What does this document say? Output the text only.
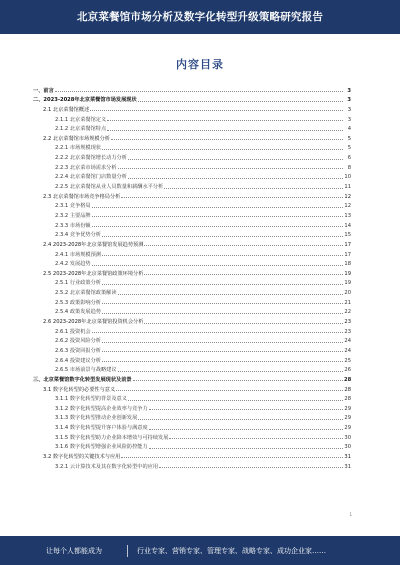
北京菜餐馆市场分析及数字化转型升级策略研究报告
内容目录
一、前言	3
二、2023-2028年北京菜餐馆市场发展现状	3
2.1 北京菜餐馆概述	3
2.1.1 北京菜餐馆定义	3
2.1.2 北京菜餐馆特点	4
2.2 北京菜餐馆市场规模分析	5
2.2.1 市场规模现状	5
2.2.2 北京菜餐馆增长动力分析	6
2.2.3 北京菜市场需求分析	8
2.2.4 北京菜餐馆门店数量分析	10
2.2.5 北京菜餐馆从业人员数量和薪酬水平分析	11
2.3 北京菜餐馆市场竞争格局分析	12
2.3.1 竞争格局	12
2.3.2 主要品牌	13
2.3.3 市场份额	14
2.3.4 竞争优势分析	15
2.4 2023-2028年北京菜餐馆发展趋势预测	17
2.4.1 市场规模预测	17
2.4.2 发展趋势	18
2.5 2023-2028年北京菜餐馆政策环境分析	19
2.5.1 行业政策分析	19
2.5.2 北京菜餐馆政策解读	20
2.5.3 政策影响分析	21
2.5.4 政策发展趋势	22
2.6 2023-2028年北京菜餐馆投资机会分析	23
2.6.1 投资机会	23
2.6.2 投资风险分析	24
2.6.3 投资回报分析	24
2.6.4 投资建议分析	25
2.6.5 市场前景与战略建议	26
三、北京菜餐馆数字化转型发展现状及前景	28
3.1 数字化转型的必要性与意义	28
3.1.1 数字化转型的背景及意义	28
3.1.2 数字化转型提高企业效率与竞争力	29
3.1.3 数字化转型推动企业创新发展	29
3.1.4 数字化转型提升客户体验与满意度	29
3.1.5 数字化转型助力企业降本增效与可持续发展	30
3.1.6 数字化转型增强企业风险防控能力	30
3.2 数字化转型的关键技术与应用	31
3.2.1 云计算技术及其在数字化转型中的应用	31
1
让每个人都能成为	行业专家、营销专家、管理专家、战略专家、成功企业家……
